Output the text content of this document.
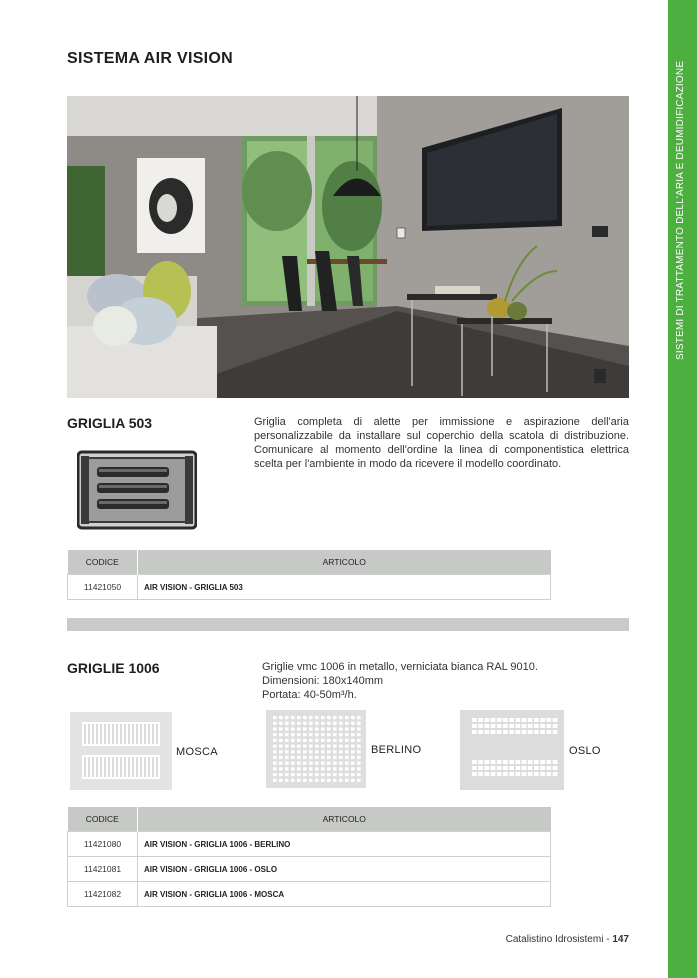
SISTEMI DI TRATTAMENTO DELL'ARIA E DEUMIDIFICAZIONE
SISTEMA AIR VISION
GRIGLIA 503	Griglia completa di alette per immissione e aspirazione dell'aria personalizzabile da installare sul coperchio della scatola di distribuzione. Comunicare al momento dell'ordine la linea di componentistica elettrica scelta per l'ambiente in modo da ricevere il modello coordinato.
CODICE	ARTICOLO
11421050	AIR VISION - GRIGLIA 503
GRIGLIE 1006	Griglie vmc 1006 in metallo, verniciata bianca RAL 9010.

Dimensioni: 180x140mm

Portata: 40-50m³/h.

MOSCA	BERLINO	OSLO
CODICE	ARTICOLO
11421080	AIR VISION - GRIGLIA 1006 - BERLINO
11421081	AIR VISION - GRIGLIA 1006 - OSLO
11421082	AIR VISION - GRIGLIA 1006 - MOSCA
Catalistino Idrosistemi - 147
